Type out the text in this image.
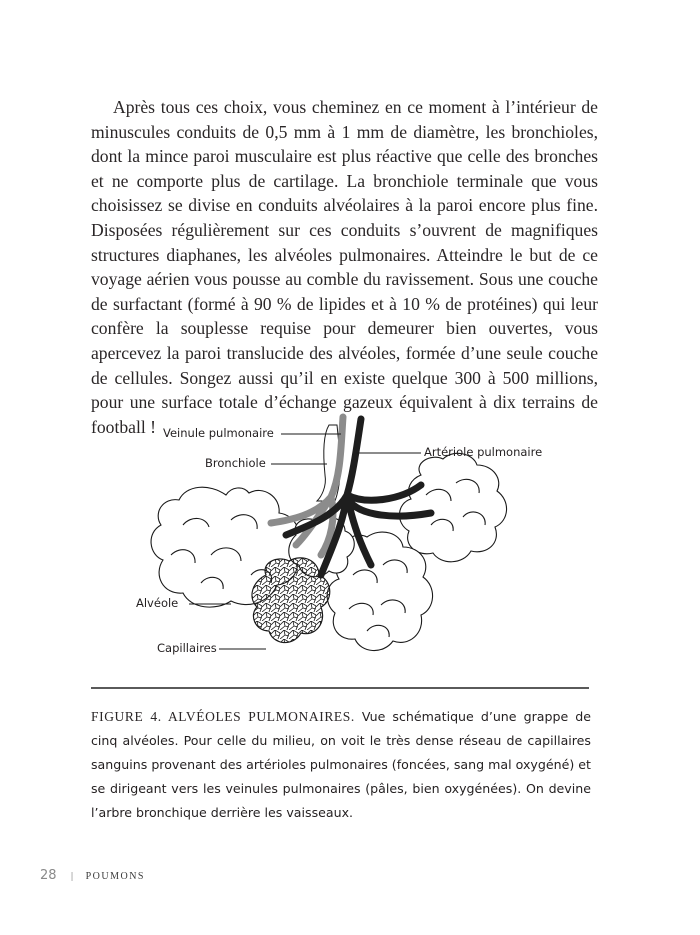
Après tous ces choix, vous cheminez en ce moment à l’intérieur de minuscules conduits de 0,5 mm à 1 mm de diamètre, les bronchioles, dont la mince paroi musculaire est plus réactive que celle des bronches et ne comporte plus de cartilage. La bronchiole terminale que vous choisissez se divise en conduits alvéolaires à la paroi encore plus fine. Disposées régulièrement sur ces conduits s’ouvrent de magnifiques structures diaphanes, les alvéoles pulmonaires. Atteindre le but de ce voyage aérien vous pousse au comble du ravissement. Sous une couche de surfactant (formé à 90 % de lipides et à 10 % de protéines) qui leur confère la souplesse requise pour demeurer bien ouvertes, vous apercevez la paroi translucide des alvéoles, formée d’une seule couche de cellules. Songez aussi qu’il en existe quelque 300 à 500 millions, pour une surface totale d’échange gazeux équivalent à dix terrains de football ! Veinule pulmonaire
Bronchiole
Artériole pulmonaire
Alvéole
Capillaires

FIGURE 4. ALVÉOLES PULMONAIRES. Vue schématique d’une grappe de cinq alvéoles. Pour celle du milieu, on voit le très dense réseau de capillaires sanguins provenant des artérioles pulmonaires (foncées, sang mal oxygéné) et se dirigeant vers les veinules pulmonaires (pâles, bien oxygénées). On devine l’arbre bronchique derrière les vaisseaux.

28 | POUMONS
